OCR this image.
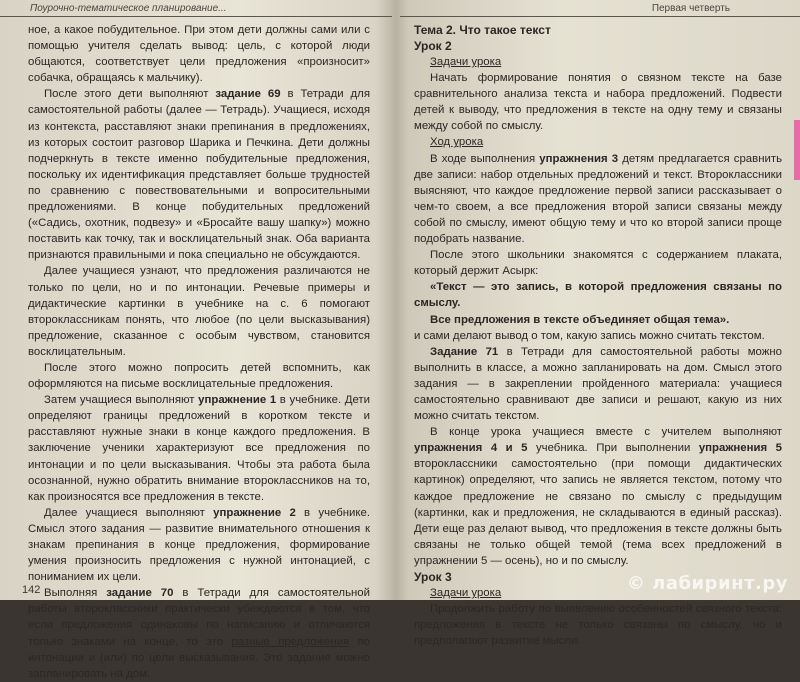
Поурочно-тематическое планирование...

ное, а какое побудительное. При этом дети должны сами или с помощью учителя сделать вывод: цель, с которой люди общаются, соответствует цели предложения «произносит» собачка, обращаясь к мальчику).

После этого дети выполняют задание 69 в Тетради для самостоятельной работы (далее — Тетрадь). Учащиеся, исходя из контекста, расставляют знаки препинания в предложениях, из которых состоит разговор Шарика и Печкина. Дети должны подчеркнуть в тексте именно побудительные предложения, поскольку их идентификация представляет больше трудностей по сравнению с повествовательными и вопросительными предложениями. В конце побудительных предложений («Садись, охотник, подвезу» и «Бросайте вашу шапку») можно поставить как точку, так и восклицательный знак. Оба варианта признаются правильными и пока специально не обсуждаются.

Далее учащиеся узнают, что предложения различаются не только по цели, но и по интонации. Речевые примеры и дидактические картинки в учебнике на с. 6 помогают второклассникам понять, что любое (по цели высказывания) предложение, сказанное с особым чувством, становится восклицательным.

После этого можно попросить детей вспомнить, как оформляются на письме восклицательные предложения.

Затем учащиеся выполняют упражнение 1 в учебнике. Дети определяют границы предложений в коротком тексте и расставляют нужные знаки в конце каждого предложения. В заключение ученики характеризуют все предложения по интонации и по цели высказывания. Чтобы эта работа была осознанной, нужно обратить внимание второклассников на то, как произносятся все предложения в тексте.

Далее учащиеся выполняют упражнение 2 в учебнике. Смысл этого задания — развитие внимательного отношения к знакам препинания в конце предложения, формирование умения произносить предложения с нужной интонацией, с пониманием их цели.

Выполняя задание 70 в Тетради для самостоятельной работы второклассники практически убеждаются в том, что если предложения одинаковы по написанию и отличаются только знаками на конце, то это разные предложения по интонации и (или) по цели высказывания. Это задание можно запланировать на дом.

142
Первая четверть

Тема 2. Что такое текст

Урок 2

Задачи урока

Начать формирование понятия о связном тексте на базе сравнительного анализа текста и набора предложений. Подвести детей к выводу, что предложения в тексте на одну тему и связаны между собой по смыслу.

Ход урока

В ходе выполнения упражнения 3 детям предлагается сравнить две записи: набор отдельных предложений и текст. Второклассники выясняют, что каждое предложение первой записи рассказывает о чем-то своем, а все предложения второй записи связаны между собой по смыслу, имеют общую тему и что ко второй записи проще подобрать название.

После этого школьники знакомятся с содержанием плаката, который держит Асырк:

«Текст — это запись, в которой предложения связаны по смыслу.

Все предложения в тексте объединяет общая тема».

и сами делают вывод о том, какую запись можно считать текстом.

Задание 71 в Тетради для самостоятельной работы можно выполнить в классе, а можно запланировать на дом. Смысл этого задания — в закреплении пройденного материала: учащиеся самостоятельно сравнивают две записи и решают, какую из них можно считать текстом.

В конце урока учащиеся вместе с учителем выполняют упражнения 4 и 5 учебника. При выполнении упражнения 5 второклассники самостоятельно (при помощи дидактических картинок) определяют, что запись не является текстом, потому что каждое предложение не связано по смыслу с предыдущим (картинки, как и предложения, не складываются в единый рассказ). Дети еще раз делают вывод, что предложения в тексте должны быть связаны не только общей темой (тема всех предложений в упражнении 5 — осень), но и по смыслу.

Урок 3

Задачи урока

Продолжить работу по выявлению особенностей связного текста: предложения в тексте не только связаны по смыслу, но и предполагают развитие мысли.

© лабиринт.ру
